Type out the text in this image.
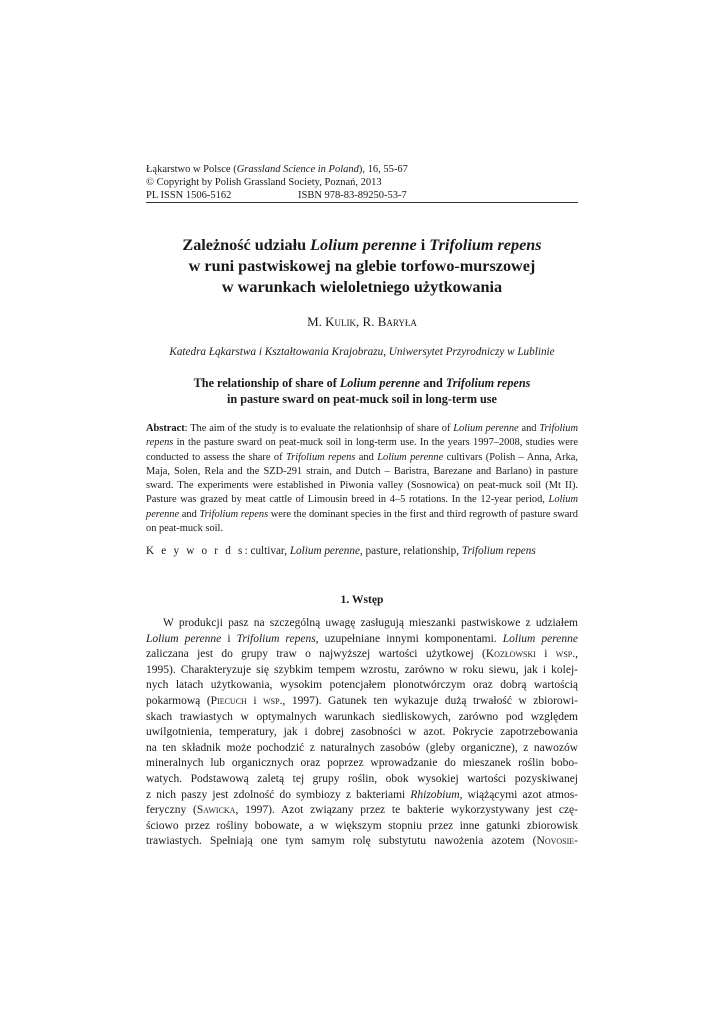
Łąkarstwo w Polsce (Grassland Science in Poland), 16, 55-67
© Copyright by Polish Grassland Society, Poznań, 2013
PL ISSN 1506-5162	ISBN 978-83-89250-53-7
Zależność udziału Lolium perenne i Trifolium repens
w runi pastwiskowej na glebie torfowo-murszowej
w warunkach wieloletniego użytkowania
M. Kulik, R. Baryła
Katedra Łąkarstwa i Kształtowania Krajobrazu, Uniwersytet Przyrodniczy w Lublinie
The relationship of share of Lolium perenne and Trifolium repens
in pasture sward on peat-muck soil in long-term use
Abstract: The aim of the study is to evaluate the relationhsip of share of Lolium perenne and Trifolium repens in the pasture sward on peat-muck soil in long-term use. In the years 1997–2008, studies were conducted to assess the share of Trifolium repens and Lolium perenne cultivars (Polish – Anna, Arka, Maja, Solen, Rela and the SZD-291 strain, and Dutch – Baristra, Barezane and Barlano) in pasture sward. The experiments were established in Piwonia valley (Sosnowica) on peat-muck soil (Mt II). Pasture was grazed by meat cattle of Limousin breed in 4–5 rotations. In the 12-year period, Lolium perenne and Trifolium repens were the dominant species in the first and third regrowth of pasture sward on peat-muck soil.
K e y w o r d s: cultivar, Lolium perenne, pasture, relationship, Trifolium repens
1. Wstęp
W produkcji pasz na szczególną uwagę zasługują mieszanki pastwiskowe z udziałem
Lolium perenne i Trifolium repens, uzupełniane innymi komponentami. Lolium perenne
zaliczana jest do grupy traw o najwyższej wartości użytkowej (Kozłowski i wsp.,
1995). Charakteryzuje się szybkim tempem wzrostu, zarówno w roku siewu, jak i kolej-
nych latach użytkowania, wysokim potencjałem plonotwórczym oraz dobrą wartością
pokarmową (Piecuch i wsp., 1997). Gatunek ten wykazuje dużą trwałość w zbiorowi-
skach trawiastych w optymalnych warunkach siedliskowych, zarówno pod względem
uwilgotnienia, temperatury, jak i dobrej zasobności w azot. Pokrycie zapotrzebowania
na ten składnik może pochodzić z naturalnych zasobów (gleby organiczne), z nawozów
mineralnych lub organicznych oraz poprzez wprowadzanie do mieszanek roślin bobo-
watych. Podstawową zaletą tej grupy roślin, obok wysokiej wartości pozyskiwanej
z nich paszy jest zdolność do symbiozy z bakteriami Rhizobium, wiążącymi azot atmos-
feryczny (Sawicka, 1997). Azot związany przez te bakterie wykorzystywany jest czę-
ściowo przez rośliny bobowate, a w większym stopniu przez inne gatunki zbiorowisk
trawiastych. Spełniają one tym samym rolę substytutu nawożenia azotem (Novosie-
